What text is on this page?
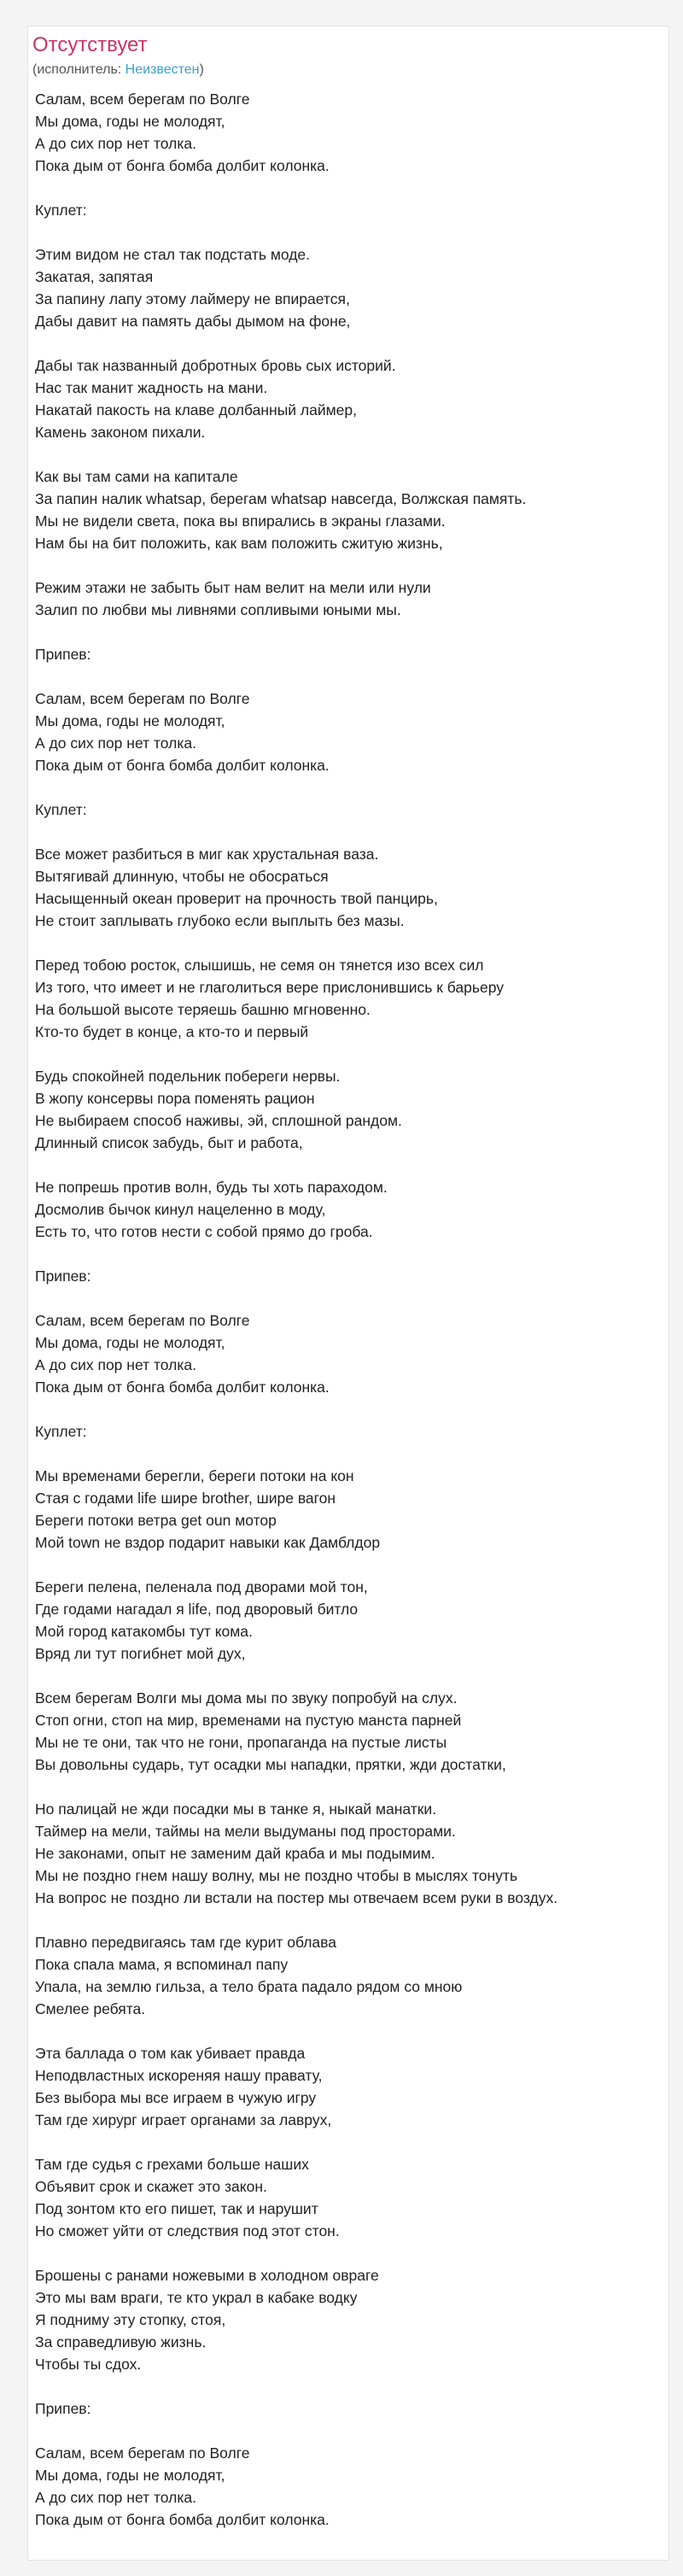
Отсутствует
(исполнитель: Неизвестен)
Салам, всем берегам по Волге
Мы дома, годы не молодят,
А до сих пор нет толка.
Пока дым от бонга бомба долбит колонка.
Куплет:
Этим видом не стал так подстать моде.
Закатая, запятая
За папину лапу этому лаймеру не впирается,
Дабы давит на память дабы дымом на фоне,
Дабы так названный добротных бровь сых историй.
Нас так манит жадность на мани.
Накатай пакость на клаве долбанный лаймер,
Камень законом пихали.
Как вы там сами на капитале
За папин налик whatsap, берегам whatsap навсегда, Волжская память.
Мы не видели света, пока вы впирались в экраны глазами.
Нам бы на бит положить, как вам положить сжитую жизнь,
Режим этажи не забыть быт нам велит на мели или нули
Залип по любви мы ливнями сопливыми юными мы.
Припев:
Салам, всем берегам по Волге
Мы дома, годы не молодят,
А до сих пор нет толка.
Пока дым от бонга бомба долбит колонка.
Куплет:
Все может разбиться в миг как хрустальная ваза.
Вытягивай длинную, чтобы не обосраться
Насыщенный океан проверит на прочность твой панцирь,
Не стоит заплывать глубоко если выплыть без мазы.
Перед тобою росток, слышишь, не семя он тянется изо всех сил
Из того, что имеет и не глаголиться вере прислонившись к барьеру
На большой высоте теряешь башню мгновенно.
Кто-то будет в конце, а кто-то и первый
Будь спокойней подельник побереги нервы.
В жопу консервы пора поменять рацион
Не выбираем способ наживы, эй, сплошной рандом.
Длинный список забудь, быт и работа,
Не попрешь против волн, будь ты хоть параходом.
Досмолив бычок кинул нацеленно в моду,
Есть то, что готов нести с собой прямо до гроба.
Припев:
Салам, всем берегам по Волге
Мы дома, годы не молодят,
А до сих пор нет толка.
Пока дым от бонга бомба долбит колонка.
Куплет:
Мы временами берегли, береги потоки на кон
Стая с годами life шире brother, шире вагон
Береги потоки ветра get oun мотор
Мой town не вздор подарит навыки как Дамблдор
Береги пелена, пеленала под дворами мой тон,
Где годами нагадал я life, под дворовый битло
Мой город катакомбы тут кома.
Вряд ли тут погибнет мой дух,
Всем берегам Волги мы дома мы по звуку попробуй на слух.
Стоп огни, стоп на мир, временами на пустую манста парней
Мы не те они, так что не гони, пропаганда на пустые листы
Вы довольны сударь, тут осадки мы нападки, прятки, жди достатки,
Но палицай не жди посадки мы в танке я, ныкай манатки.
Таймер на мели, таймы на мели выдуманы под просторами.
Не законами, опыт не заменим дай краба и мы подымим.
Мы не поздно гнем нашу волну, мы не поздно чтобы в мыслях тонуть
На вопрос не поздно ли встали на постер мы отвечаем всем руки в воздух.
Плавно передвигаясь там где курит облава
Пока спала мама, я вспоминал папу
Упала, на землю гильза, а тело брата падало рядом со мною
Смелее ребята.
Эта баллада о том как убивает правда
Неподвластных искореняя нашу правату,
Без выбора мы все играем в чужую игру
Там где хирург играет органами за лаврух,
Там где судья с грехами больше наших
Объявит срок и скажет это закон.
Под зонтом кто его пишет, так и нарушит
Но сможет уйти от следствия под этот стон.
Брошены с ранами ножевыми в холодном овраге
Это мы вам враги, те кто украл в кабаке водку
Я подниму эту стопку, стоя,
За справедливую жизнь.
Чтобы ты сдох.
Припев:
Салам, всем берегам по Волге
Мы дома, годы не молодят,
А до сих пор нет толка.
Пока дым от бонга бомба долбит колонка.
